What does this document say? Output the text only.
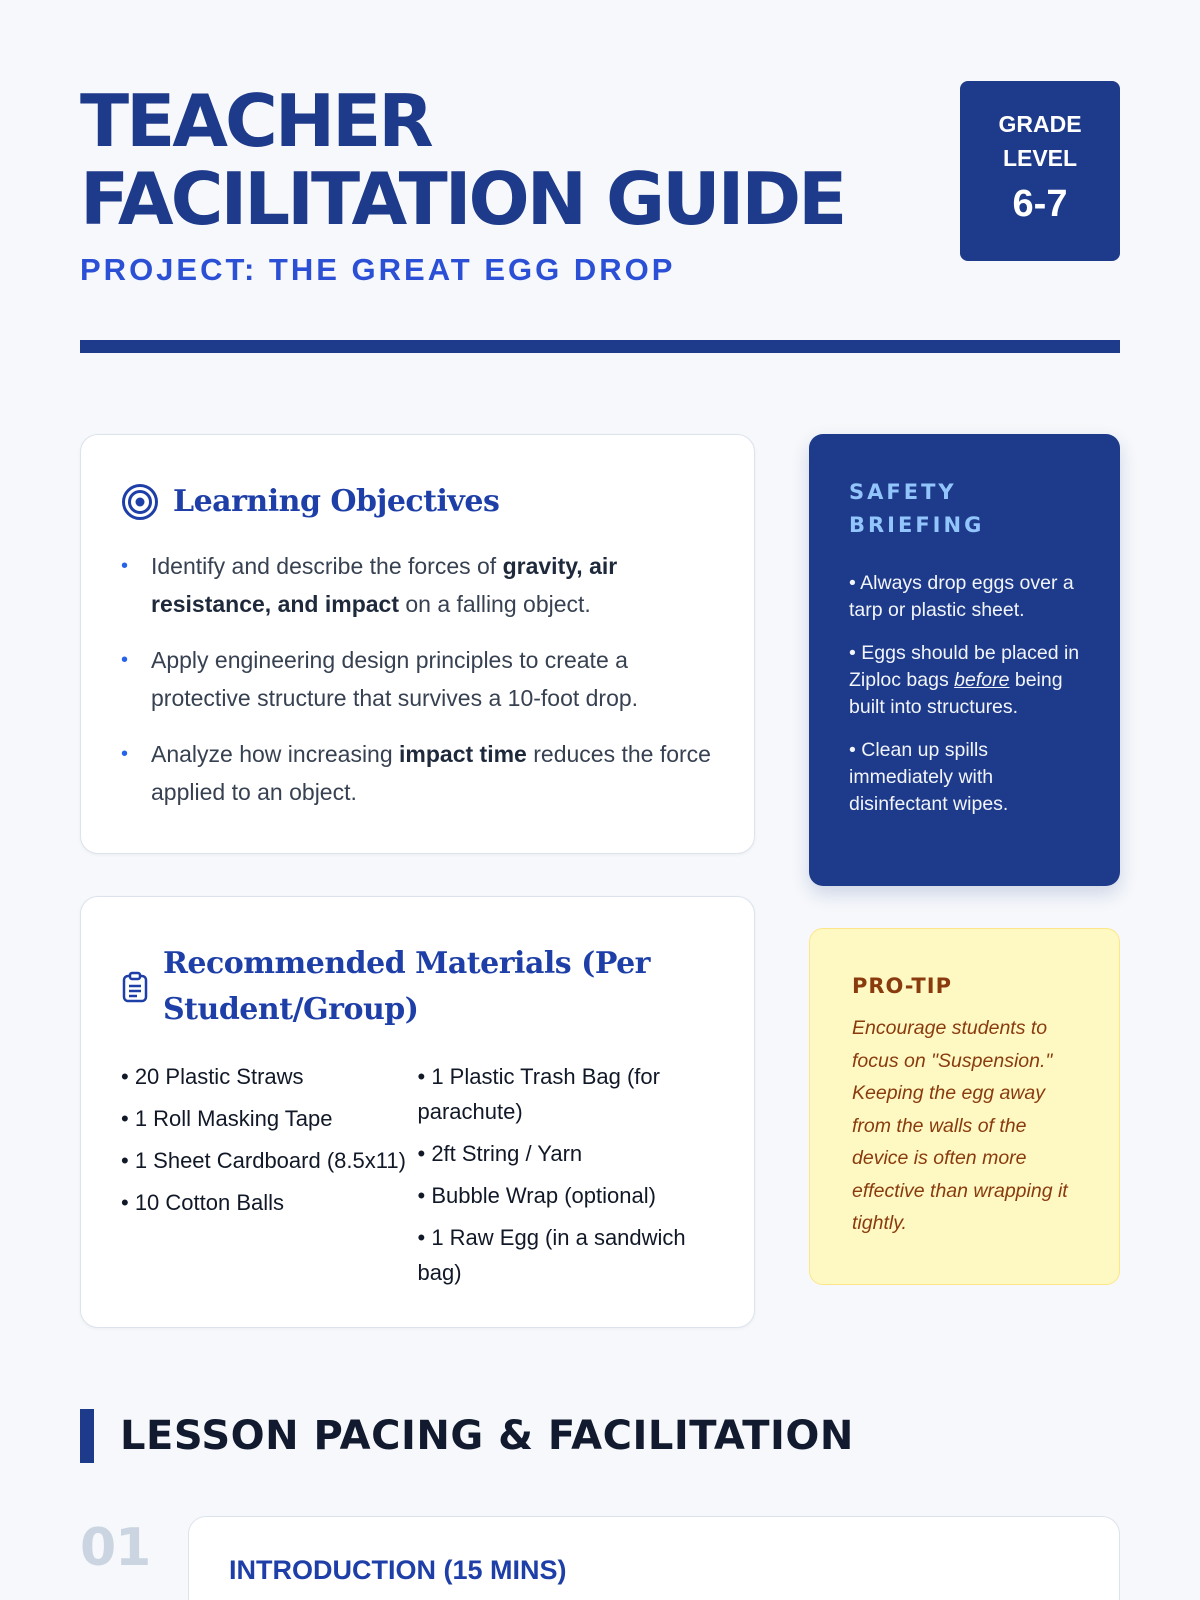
TEACHER
FACILITATION GUIDE
PROJECT: THE GREAT EGG DROP
GRADE LEVEL
6-7
Learning Objectives
• Identify and describe the forces of gravity, air resistance, and impact on a falling object.
• Apply engineering design principles to create a protective structure that survives a 10-foot drop.
• Analyze how increasing impact time reduces the force applied to an object.
Recommended Materials (Per Student/Group)
• 20 Plastic Straws
• 1 Roll Masking Tape
• 1 Sheet Cardboard (8.5x11)
• 10 Cotton Balls
• 1 Plastic Trash Bag (for parachute)
• 2ft String / Yarn
• Bubble Wrap (optional)
• 1 Raw Egg (in a sandwich bag)
SAFETY BRIEFING

• Always drop eggs over a tarp or plastic sheet.

• Eggs should be placed in Ziploc bags before being built into structures.

• Clean up spills immediately with disinfectant wipes.

PRO-TIP

Encourage students to focus on "Suspension." Keeping the egg away from the walls of the device is often more effective than wrapping it tightly.

LESSON PACING & FACILITATION
01	INTRODUCTION (15 MINS)
